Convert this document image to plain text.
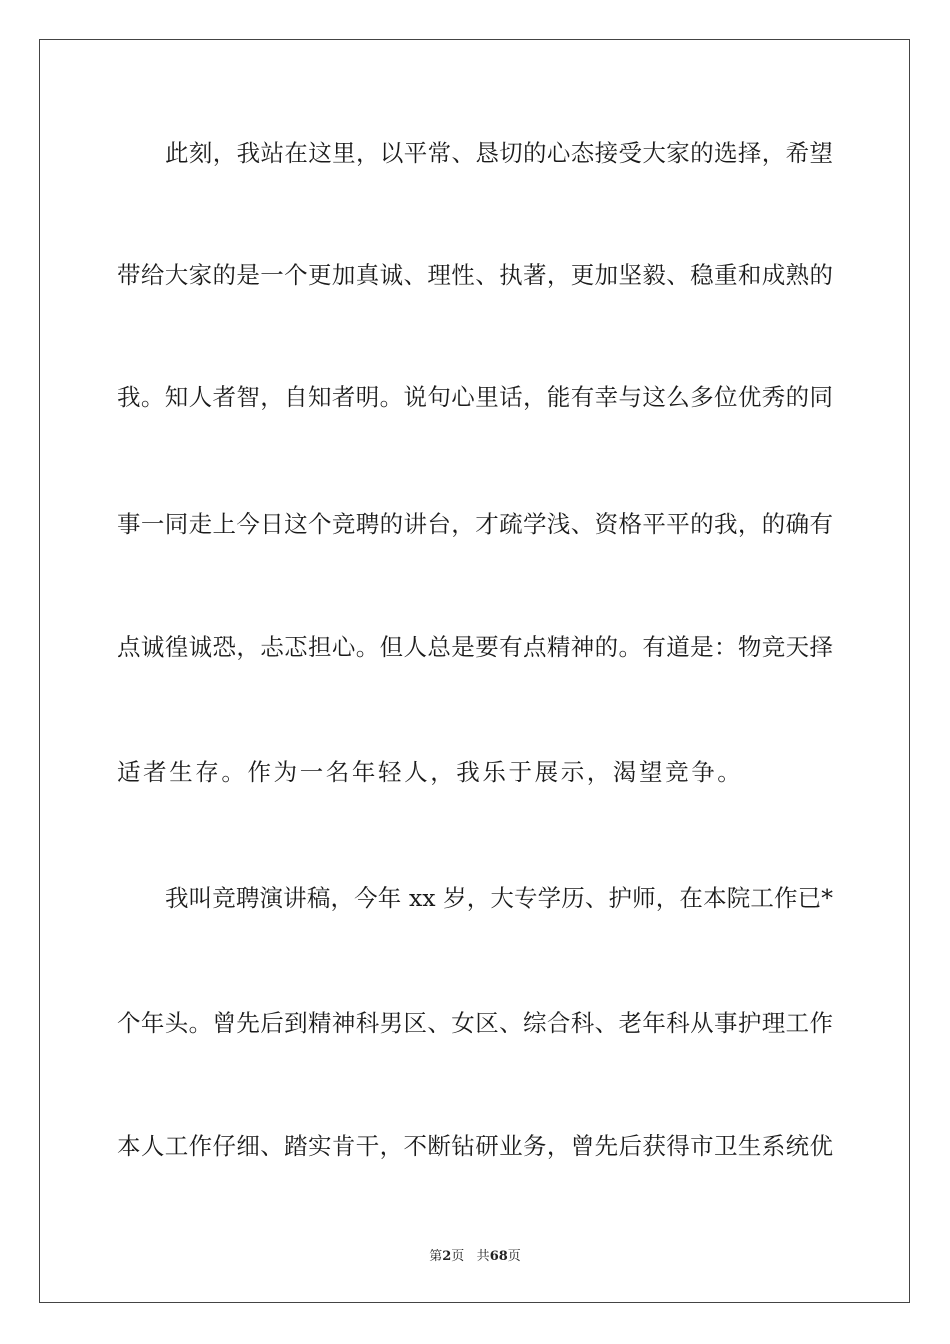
此刻，我站在这里，以平常、恳切的心态接受大家的选择，希望
带给大家的是一个更加真诚、理性、执著，更加坚毅、稳重和成熟的
我。知人者智，自知者明。说句心里话，能有幸与这么多位优秀的同
事一同走上今日这个竞聘的讲台，才疏学浅、资格平平的我，的确有
点诚徨诚恐，忐忑担心。但人总是要有点精神的。有道是：物竞天择
适者生存。作为一名年轻人，我乐于展示，渴望竞争。
我叫竞聘演讲稿，今年 xx 岁，大专学历、护师，在本院工作已*
个年头。曾先后到精神科男区、女区、综合科、老年科从事护理工作
本人工作仔细、踏实肯干，不断钻研业务，曾先后获得市卫生系统优
第2页 共68页
